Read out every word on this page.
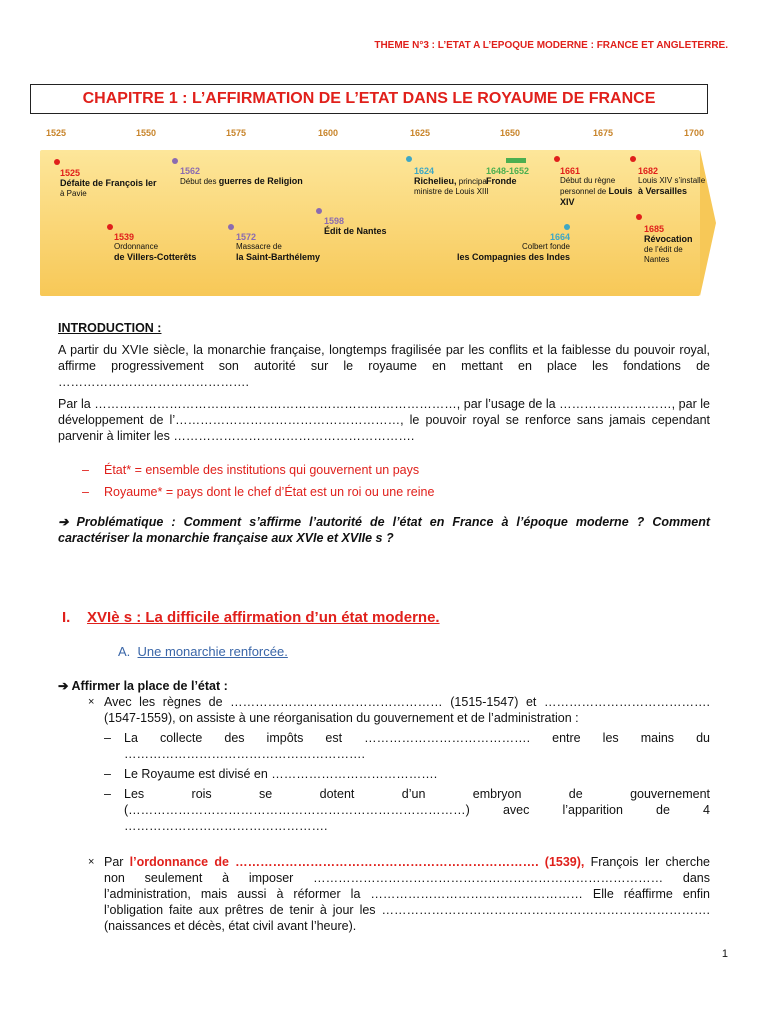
THEME N°3 : L’ETAT A L’EPOQUE MODERNE : FRANCE ET ANGLETERRE.
CHAPITRE 1 : L’AFFIRMATION DE L’ETAT DANS LE ROYAUME DE FRANCE
1525	1550	1575	1600	1625	1650	1675	1700
1525
Défaite de François Ier
à Pavie
1539
Ordonnance
de Villers-Cotterêts
1562
Début des guerres de Religion
1572
Massacre de
la Saint-Barthélemy
1598
Édit de Nantes
1624
Richelieu, principal ministre de Louis XIII
1648-1652
Fronde
1664
Colbert fonde
les Compagnies des Indes
1661
Début du règne personnel de Louis XIV
1682
Louis XIV s’installe
à Versailles
1685
Révocation
de l’édit de Nantes
INTRODUCTION :

A partir du XVIe siècle, la monarchie française, longtemps fragilisée par les conflits et la faiblesse du pouvoir royal, affirme progressivement son autorité sur le royaume en mettant en place les fondations de ……………………………………….

Par la ……………………………………………………………………………, par l’usage de la ………………………, par le développement de l’………………………………………………, le pouvoir royal se renforce sans jamais cependant parvenir à limiter les ………………………………………………….

– État* = ensemble des institutions qui gouvernent un pays
– Royaume* = pays dont le chef d’État est un roi ou une reine

➔ Problématique : Comment s’affirme l’autorité de l’état en France à l’époque moderne ? Comment caractériser la monarchie française aux XVIe et XVIIe s ?

I. XVIè s : La difficile affirmation d’un état moderne.
A. Une monarchie renforcée.
➔ Affirmer la place de l’état :
× Avec les règnes de …………………………………………… (1515-1547) et …………………………………. (1547-1559), on assiste à une réorganisation du gouvernement et de l’administration :
– La collecte des impôts est …………………………………. entre les mains du ………………………………………………….
– Le Royaume est divisé en ………………………………….
– Les rois se dotent d’un embryon de gouvernement (………………………………………………………………………) avec l’apparition de 4 ………………………………………….
× Par l’ordonnance de ………………………………………………………………. (1539), François Ier cherche non seulement à imposer ………………………………………………………………………… dans l’administration, mais aussi à réformer la …………………………………………… Elle réaffirme enfin l’obligation faite aux prêtres de tenir à jour les ……………………………………………………………………. (naissances et décès, état civil avant l’heure).
1
